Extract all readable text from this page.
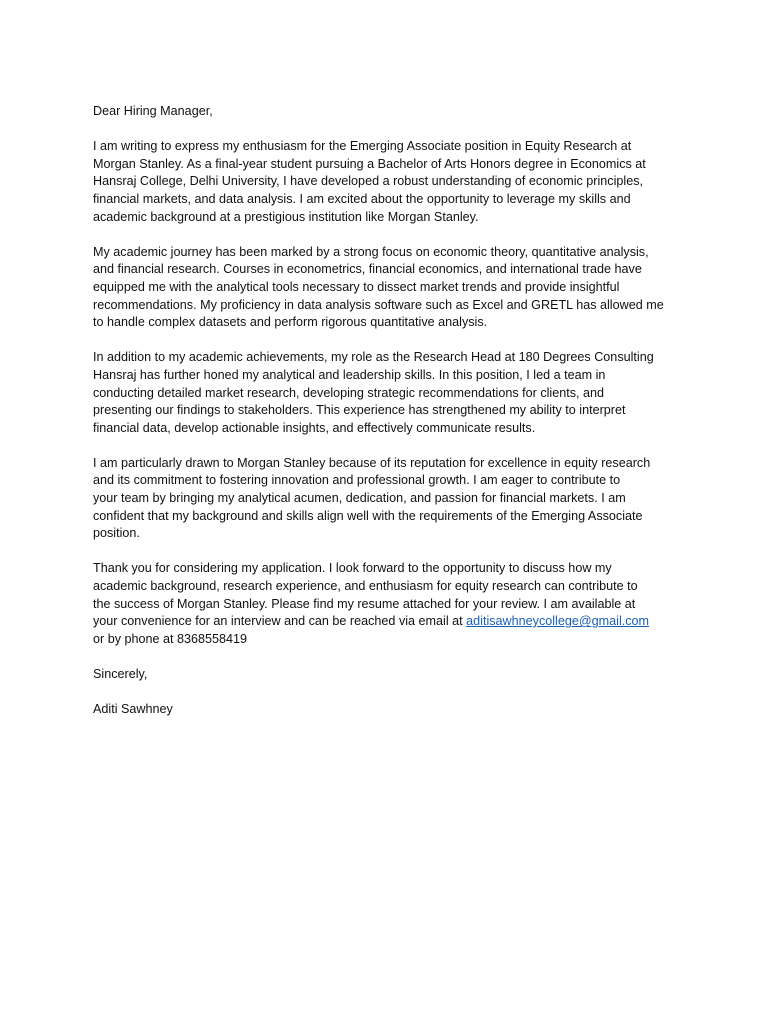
Dear Hiring Manager,

I am writing to express my enthusiasm for the Emerging Associate position in Equity Research at
Morgan Stanley. As a final-year student pursuing a Bachelor of Arts Honors degree in Economics at
Hansraj College, Delhi University, I have developed a robust understanding of economic principles,
financial markets, and data analysis. I am excited about the opportunity to leverage my skills and
academic background at a prestigious institution like Morgan Stanley.

My academic journey has been marked by a strong focus on economic theory, quantitative analysis,
and financial research. Courses in econometrics, financial economics, and international trade have
equipped me with the analytical tools necessary to dissect market trends and provide insightful
recommendations. My proficiency in data analysis software such as Excel and GRETL has allowed me
to handle complex datasets and perform rigorous quantitative analysis.

In addition to my academic achievements, my role as the Research Head at 180 Degrees Consulting
Hansraj has further honed my analytical and leadership skills. In this position, I led a team in
conducting detailed market research, developing strategic recommendations for clients, and
presenting our findings to stakeholders. This experience has strengthened my ability to interpret
financial data, develop actionable insights, and effectively communicate results.

I am particularly drawn to Morgan Stanley because of its reputation for excellence in equity research
and its commitment to fostering innovation and professional growth. I am eager to contribute to
your team by bringing my analytical acumen, dedication, and passion for financial markets. I am
confident that my background and skills align well with the requirements of the Emerging Associate
position.

Thank you for considering my application. I look forward to the opportunity to discuss how my
academic background, research experience, and enthusiasm for equity research can contribute to
the success of Morgan Stanley. Please find my resume attached for your review. I am available at
your convenience for an interview and can be reached via email at aditisawhneycollege@gmail.com
or by phone at 8368558419

Sincerely,

Aditi Sawhney
